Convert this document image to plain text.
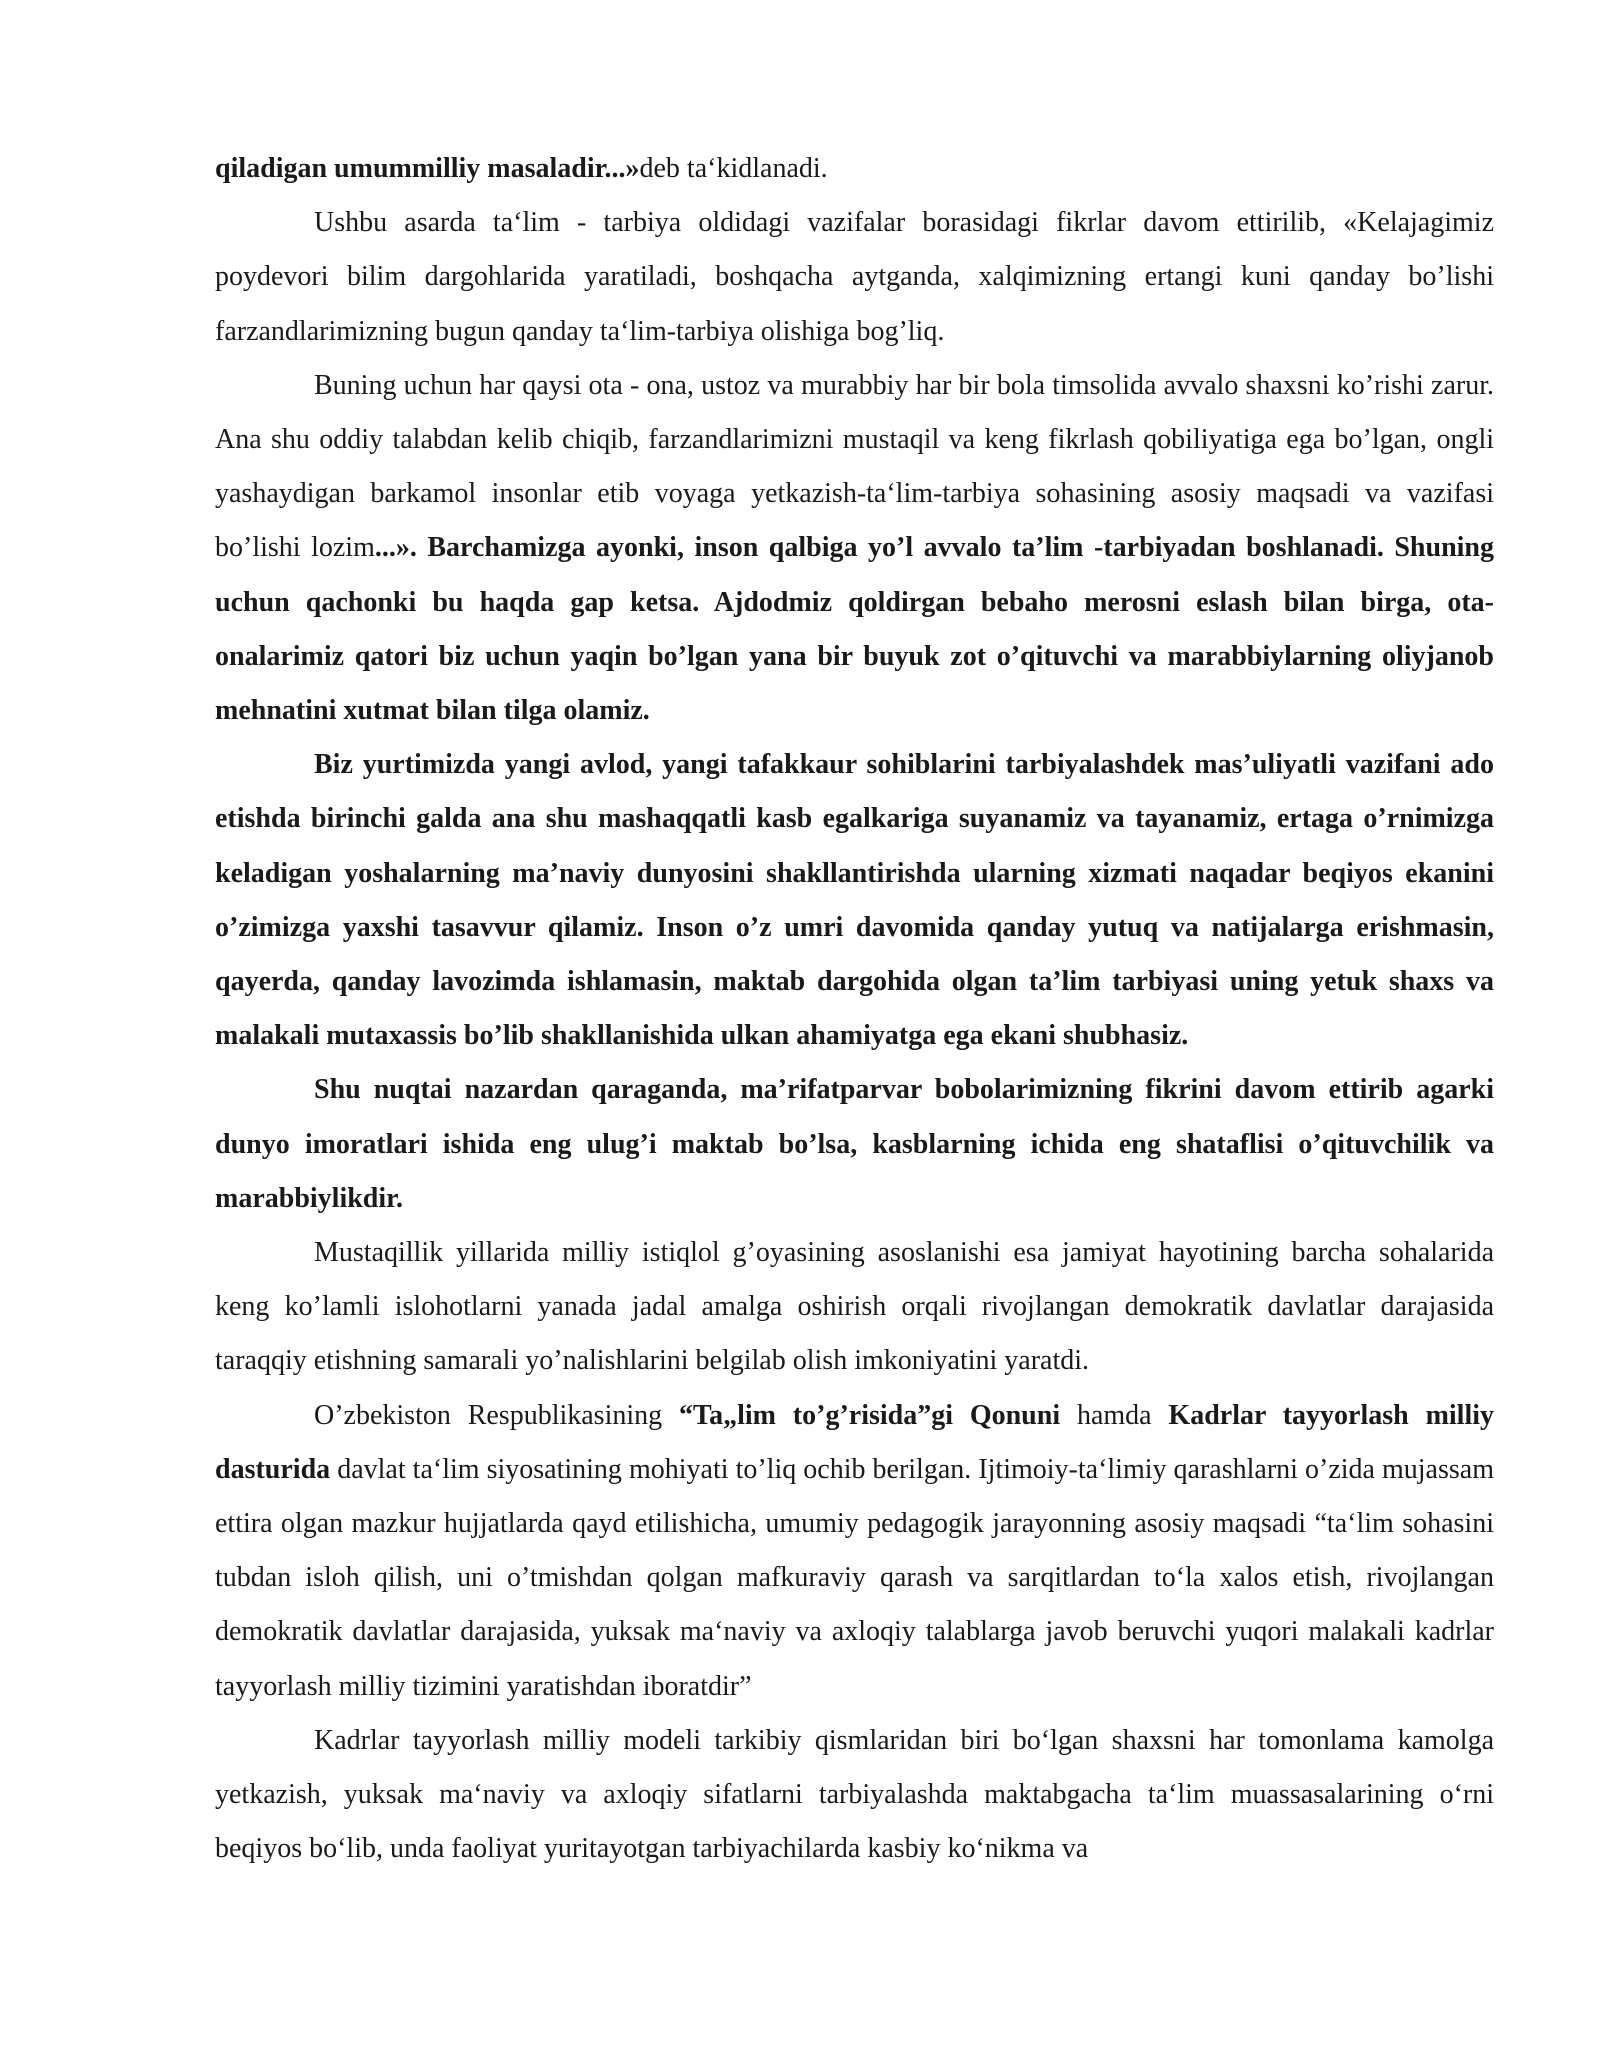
qiladigan umummilliy masaladir...»deb ta‘kidlanadi.

Ushbu asarda ta‘lim - tarbiya oldidagi vazifalar borasidagi fikrlar davom ettirilib, «Kelajagimiz poydevori bilim dargohlarida yaratiladi, boshqacha aytganda, xalqimizning ertangi kuni qanday bo’lishi farzandlarimizning bugun qanday ta‘lim-tarbiya olishiga bog’liq.

Buning uchun har qaysi ota - ona, ustoz va murabbiy har bir bola timsolida avvalo shaxsni ko’rishi zarur. Ana shu oddiy talabdan kelib chiqib, farzandlarimizni mustaqil va keng fikrlash qobiliyatiga ega bo’lgan, ongli yashaydigan barkamol insonlar etib voyaga yetkazish-ta‘lim-tarbiya sohasining asosiy maqsadi va vazifasi bo’lishi lozim...». Barchamizga ayonki, inson qalbiga yo’l avvalo ta’lim -tarbiyadan boshlanadi. Shuning uchun qachonki bu haqda gap ketsa. Ajdodmiz qoldirgan bebaho merosni eslash bilan birga, ota-onalarimiz qatori biz uchun yaqin bo’lgan yana bir buyuk zot o’qituvchi va marabbiylarning oliyjanob mehnatini xutmat bilan tilga olamiz.

Biz yurtimizda yangi avlod, yangi tafakkaur sohiblarini tarbiyalashdek mas’uliyatli vazifani ado etishda birinchi galda ana shu mashaqqatli kasb egalkariga suyanamiz va tayanamiz, ertaga o’rnimizga keladigan yoshalarning ma’naviy dunyosini shakllantirishda ularning xizmati naqadar beqiyos ekanini o’zimizga yaxshi tasavvur qilamiz. Inson o’z umri davomida qanday yutuq va natijalarga erishmasin, qayerda, qanday lavozimda ishlamasin, maktab dargohida olgan ta’lim tarbiyasi uning yetuk shaxs va malakali mutaxassis bo’lib shakllanishida ulkan ahamiyatga ega ekani shubhasiz.

Shu nuqtai nazardan qaraganda, ma’rifatparvar bobolarimizning fikrini davom ettirib agarki dunyo imoratlari ishida eng ulug’i maktab bo’lsa, kasblarning ichida eng shataflisi o’qituvchilik va marabbiylikdir.

Mustaqillik yillarida milliy istiqlol g’oyasining asoslanishi esa jamiyat hayotining barcha sohalarida keng ko’lamli islohotlarni yanada jadal amalga oshirish orqali rivojlangan demokratik davlatlar darajasida taraqqiy etishning samarali yo’nalishlarini belgilab olish imkoniyatini yaratdi.

O’zbekiston Respublikasining “Ta„lim to’g’risida”gi Qonuni hamda Kadrlar tayyorlash milliy dasturida davlat ta‘lim siyosatining mohiyati to’liq ochib berilgan. Ijtimoiy-ta‘limiy qarashlarni o’zida mujassam ettira olgan mazkur hujjatlarda qayd etilishicha, umumiy pedagogik jarayonning asosiy maqsadi “ta‘lim sohasini tubdan isloh qilish, uni o’tmishdan qolgan mafkuraviy qarash va sarqitlardan to‘la xalos etish, rivojlangan demokratik davlatlar darajasida, yuksak ma‘naviy va axloqiy talablarga javob beruvchi yuqori malakali kadrlar tayyorlash milliy tizimini yaratishdan iboratdir”

Kadrlar tayyorlash milliy modeli tarkibiy qismlaridan biri bo‘lgan shaxsni har tomonlama kamolga yetkazish, yuksak ma‘naviy va axloqiy sifatlarni tarbiyalashda maktabgacha ta‘lim muassasalarining o‘rni beqiyos bo‘lib, unda faoliyat yuritayotgan tarbiyachilarda kasbiy ko‘nikma va
